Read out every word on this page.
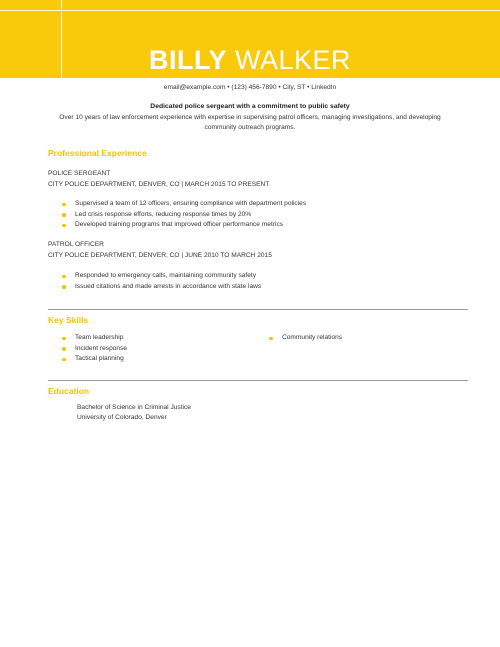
BILLY WALKER
email@example.com • (123) 456-7890 • City, ST • LinkedIn
Dedicated police sergeant with a commitment to public safety
Over 10 years of law enforcement experience with expertise in supervising patrol officers, managing investigations, and developing community outreach programs.
Professional Experience
POLICE SERGEANT
CITY POLICE DEPARTMENT, DENVER, CO | MARCH 2015 TO PRESENT
Supervised a team of 12 officers, ensuring compliance with department policies
Led crisis response efforts, reducing response times by 20%
Developed training programs that improved officer performance metrics
PATROL OFFICER
CITY POLICE DEPARTMENT, DENVER, CO | JUNE 2010 TO MARCH 2015
Responded to emergency calls, maintaining community safety
Issued citations and made arrests in accordance with state laws
Key Skills
Team leadership
Incident response
Tactical planning
Community relations
Education
Bachelor of Science in Criminal Justice
University of Colorado, Denver
